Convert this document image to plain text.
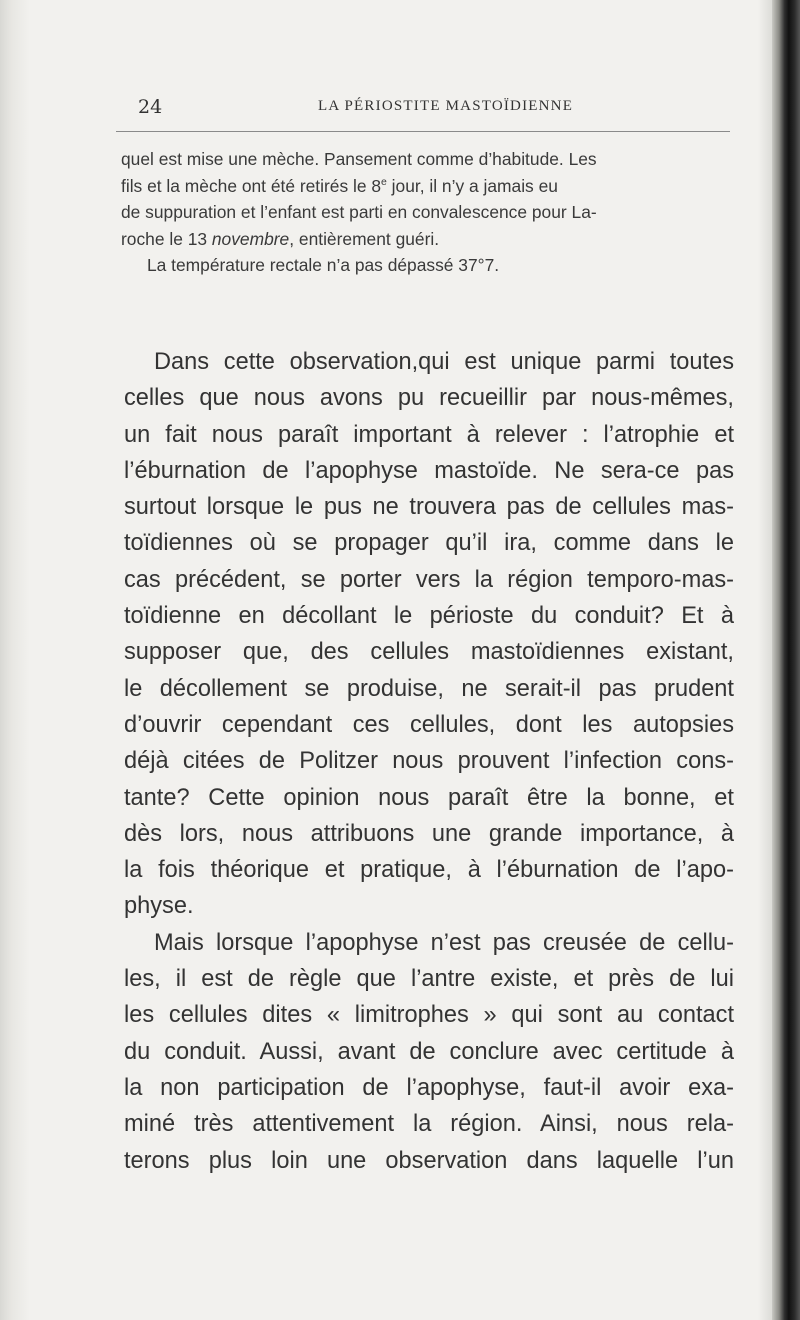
24	LA PÉRIOSTITE MASTOÏDIENNE

quel est mise une mèche. Pansement comme d’habitude. Les
fils et la mèche ont été retirés le 8e jour, il n’y a jamais eu
de suppuration et l’enfant est parti en convalescence pour La-
roche le 13 novembre, entièrement guéri.

La température rectale n’a pas dépassé 37°7.

Dans cette observation,qui est unique parmi toutes
celles que nous avons pu recueillir par nous-mêmes,
un fait nous paraît important à relever : l’atrophie et
l’éburnation de l’apophyse mastoïde. Ne sera-ce pas
surtout lorsque le pus ne trouvera pas de cellules mas-
toïdiennes où se propager qu’il ira, comme dans le
cas précédent, se porter vers la région temporo-mas-
toïdienne en décollant le périoste du conduit? Et à
supposer que, des cellules mastoïdiennes existant,
le décollement se produise, ne serait-il pas prudent
d’ouvrir cependant ces cellules, dont les autopsies
déjà citées de Politzer nous prouvent l’infection cons-
tante? Cette opinion nous paraît être la bonne, et
dès lors, nous attribuons une grande importance, à
la fois théorique et pratique, à l’éburnation de l’apo-
physe.
Mais lorsque l’apophyse n’est pas creusée de cellu-
les, il est de règle que l’antre existe, et près de lui
les cellules dites « limitrophes » qui sont au contact
du conduit. Aussi, avant de conclure avec certitude à
la non participation de l’apophyse, faut-il avoir exa-
miné très attentivement la région. Ainsi, nous rela-
terons plus loin une observation dans laquelle l’un
